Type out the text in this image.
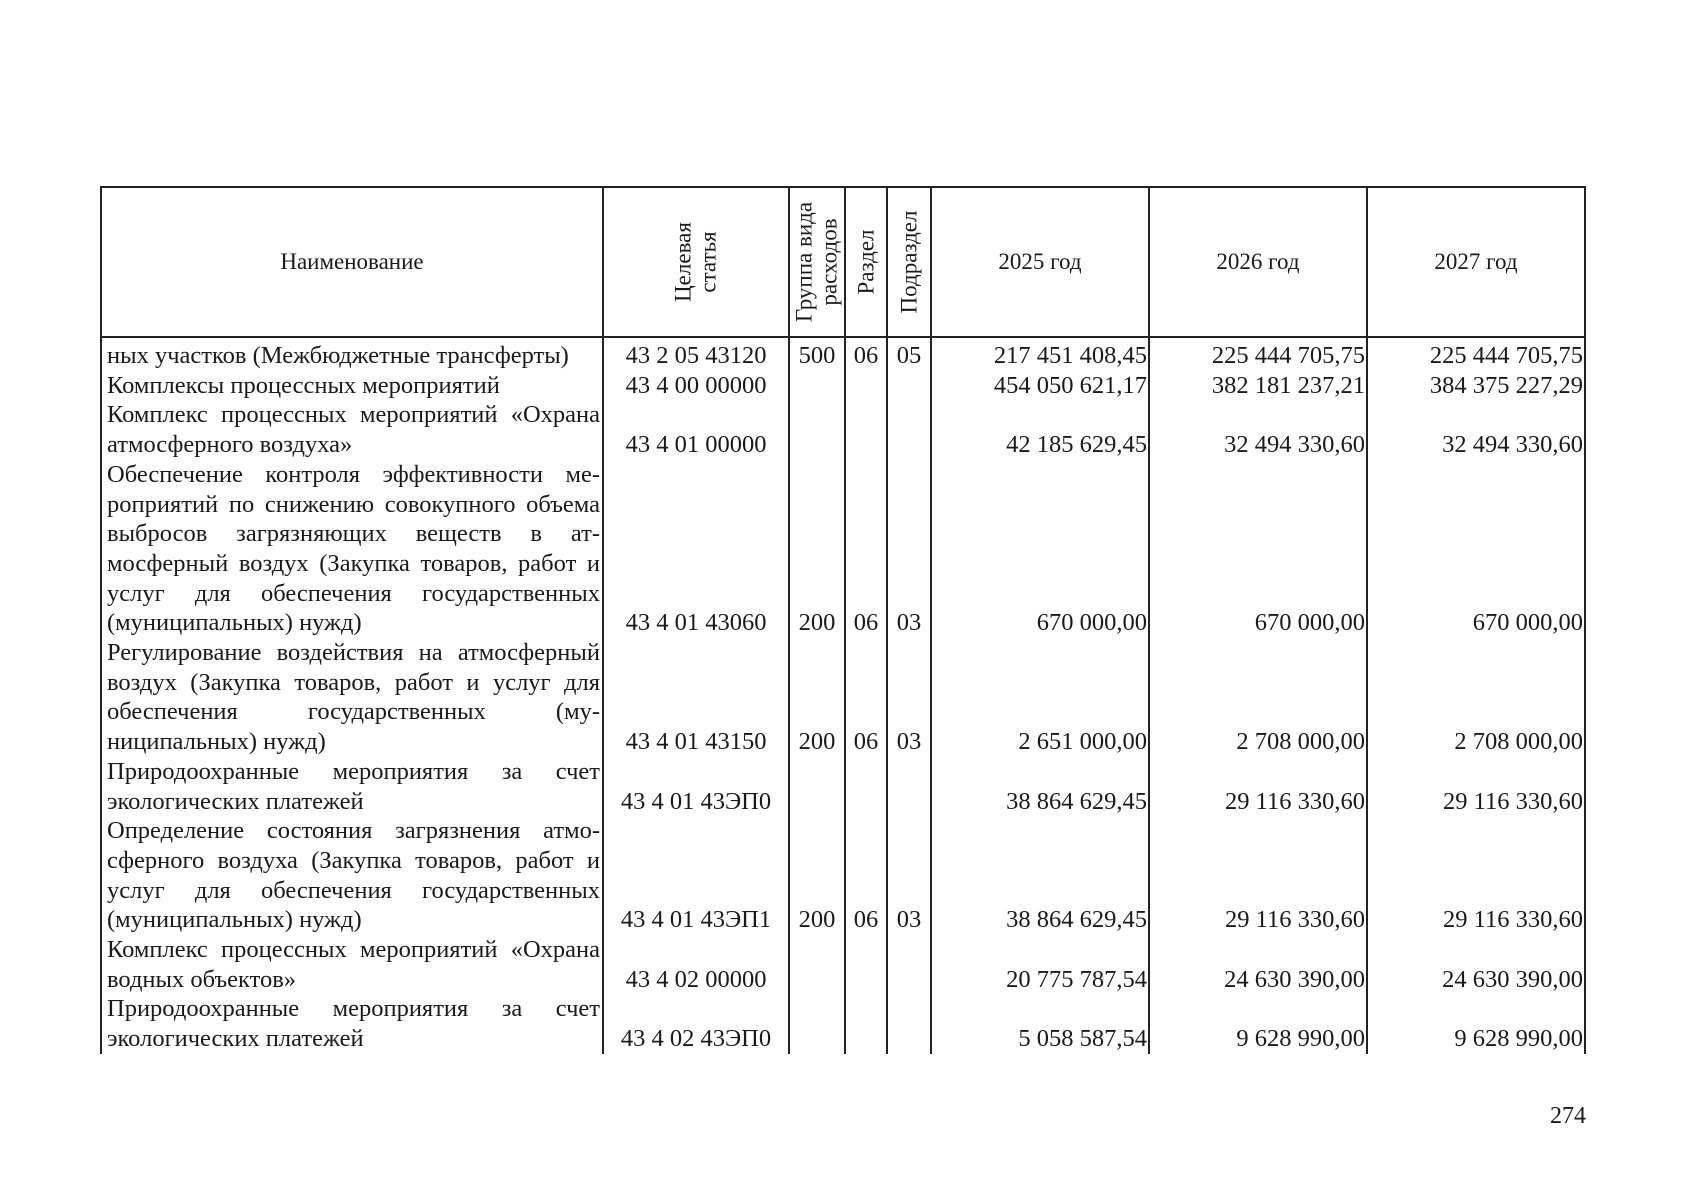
Наименование	Целевая статья	Группа вида расходов	Раздел	Подраздел	2025 год	2026 год	2027 год
ных участков (Межбюджетные трансферты)	43 2 05 43120	500	06	05	217 451 408,45	225 444 705,75	225 444 705,75
Комплексы процессных мероприятий	43 4 00 00000				454 050 621,17	382 181 237,21	384 375 227,29
Комплекс процессных мероприятий «Охрана атмосферного воздуха»	43 4 01 00000				42 185 629,45	32 494 330,60	32 494 330,60
Обеспечение контроля эффективности мероприятий по снижению совокупного объема выбросов загрязняющих веществ в атмосферный воздух (Закупка товаров, работ и услуг для обеспечения государственных (муниципальных) нужд)	43 4 01 43060	200	06	03	670 000,00	670 000,00	670 000,00
Регулирование воздействия на атмосферный воздух (Закупка товаров, работ и услуг для обеспечения государственных (муниципальных) нужд)	43 4 01 43150	200	06	03	2 651 000,00	2 708 000,00	2 708 000,00
Природоохранные мероприятия за счет экологических платежей	43 4 01 43ЭП0				38 864 629,45	29 116 330,60	29 116 330,60
Определение состояния загрязнения атмосферного воздуха (Закупка товаров, работ и услуг для обеспечения государственных (муниципальных) нужд)	43 4 01 43ЭП1	200	06	03	38 864 629,45	29 116 330,60	29 116 330,60
Комплекс процессных мероприятий «Охрана водных объектов»	43 4 02 00000				20 775 787,54	24 630 390,00	24 630 390,00
Природоохранные мероприятия за счет экологических платежей	43 4 02 43ЭП0				5 058 587,54	9 628 990,00	9 628 990,00
274
